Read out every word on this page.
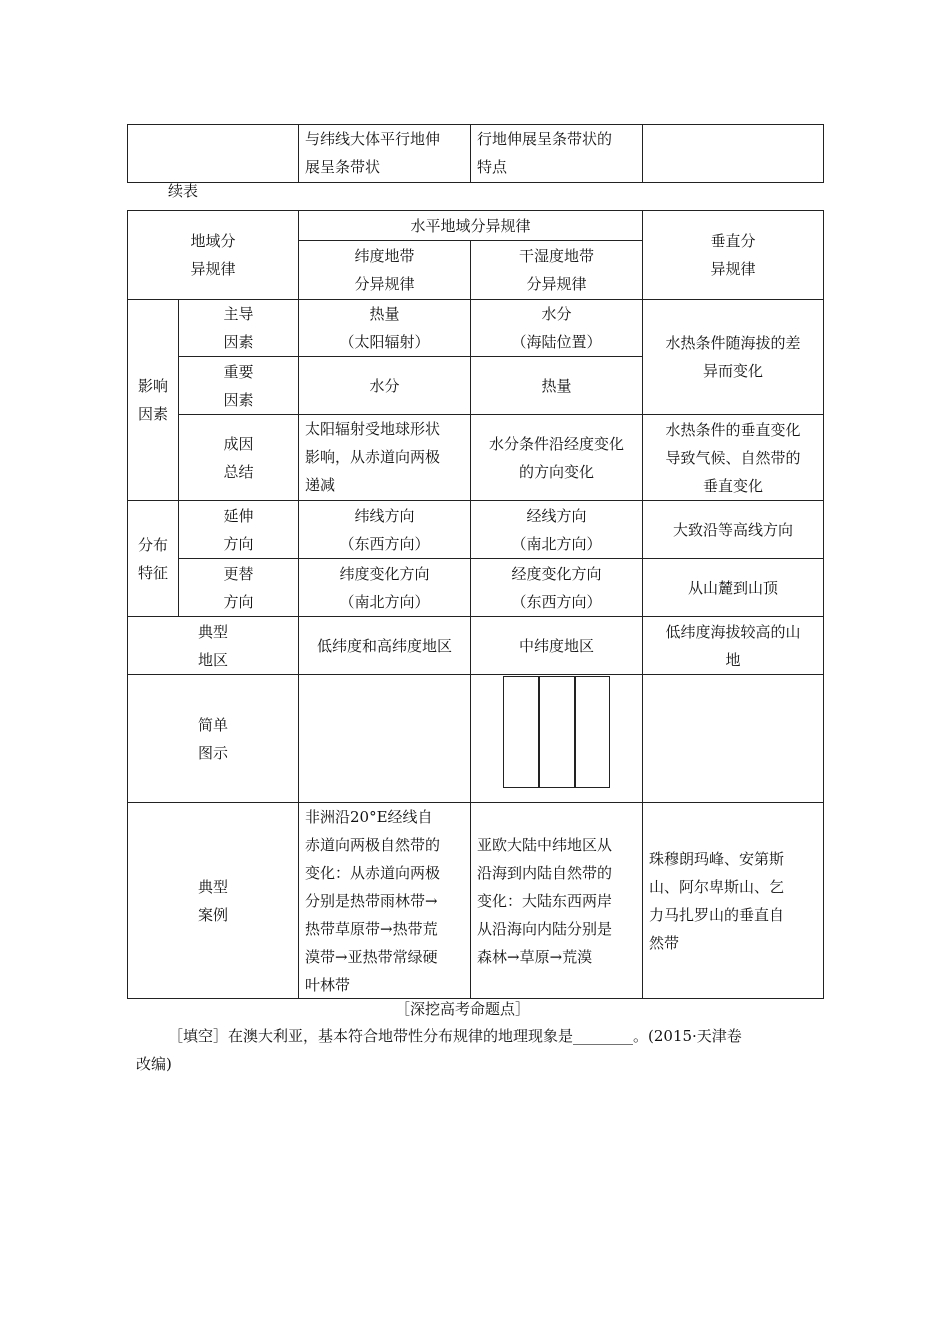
与纬线大体平行地伸
展呈条带状
行地伸展呈条带状的
特点
续表
地域分
异规律
水平地域分异规律
纬度地带
分异规律
干湿度地带
分异规律
垂直分
异规律
影响
因素
主导
因素
热量
（太阳辐射）
水分
（海陆位置）
重要
因素
水分	热量
水热条件随海拔的差
异而变化
成因
总结
太阳辐射受地球形状
影响，从赤道向两极
递减
水分条件沿经度变化
的方向变化
水热条件的垂直变化
导致气候、自然带的
垂直变化
分布
特征
延伸
方向
纬线方向
（东西方向）
经线方向
（南北方向）
大致沿等高线方向
更替
方向
纬度变化方向
（南北方向）
经度变化方向
（东西方向）
从山麓到山顶
典型
地区
低纬度和高纬度地区	中纬度地区
低纬度海拔较高的山
地
简单
图示
典型
案例
非洲沿20°E经线自
赤道向两极自然带的
变化：从赤道向两极
分别是热带雨林带→
热带草原带→热带荒
漠带→亚热带常绿硬
叶林带
亚欧大陆中纬地区从
沿海到内陆自然带的
变化：大陆东西两岸
从沿海向内陆分别是
森林→草原→荒漠
珠穆朗玛峰、安第斯
山、阿尔卑斯山、乞
力马扎罗山的垂直自
然带
［深挖高考命题点］
［填空］在澳大利亚，基本符合地带性分布规律的地理现象是________。(2015·天津卷
改编)
